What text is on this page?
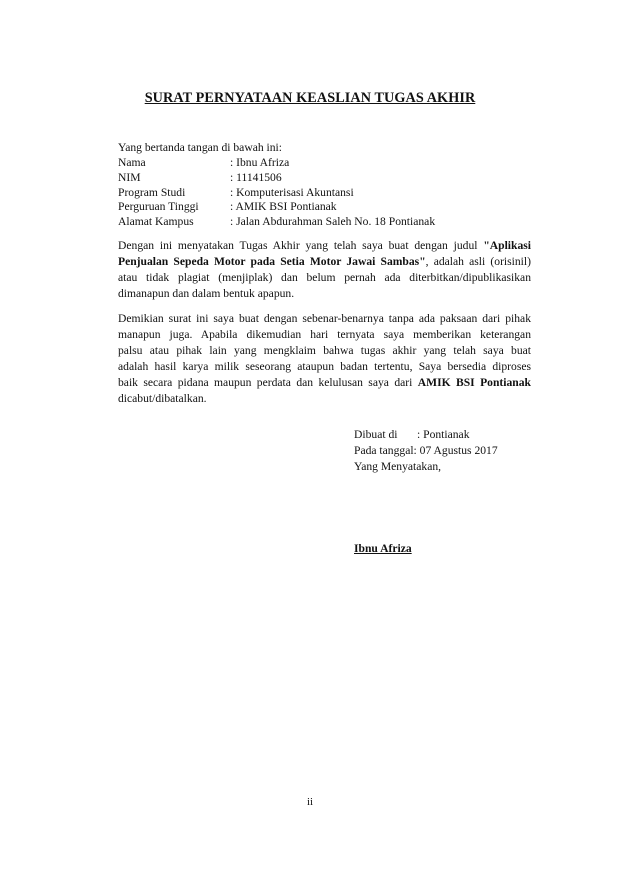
SURAT PERNYATAAN KEASLIAN TUGAS AKHIR
Yang bertanda tangan di bawah ini:
Nama	: Ibnu Afriza
NIM	: 11141506
Program Studi	: Komputerisasi Akuntansi
Perguruan Tinggi	: AMIK BSI Pontianak
Alamat Kampus	: Jalan Abdurahman Saleh No. 18 Pontianak
Dengan ini menyatakan Tugas Akhir yang telah saya buat dengan judul "Aplikasi
Penjualan Sepeda Motor pada Setia Motor Jawai Sambas", adalah asli (orisinil)
atau tidak plagiat (menjiplak) dan belum pernah ada diterbitkan/dipublikasikan
dimanapun dan dalam bentuk apapun.
Demikian surat ini saya buat dengan sebenar-benarnya tanpa ada paksaan dari pihak
manapun juga. Apabila dikemudian hari ternyata saya memberikan keterangan
palsu atau pihak lain yang mengklaim bahwa tugas akhir yang telah saya buat
adalah hasil karya milik seseorang ataupun badan tertentu, Saya bersedia diproses
baik secara pidana maupun perdata dan kelulusan saya dari AMIK BSI Pontianak
dicabut/dibatalkan.
Dibuat di	: Pontianak
Pada tanggal: 07 Agustus 2017
Yang Menyatakan,
Ibnu Afriza
ii
